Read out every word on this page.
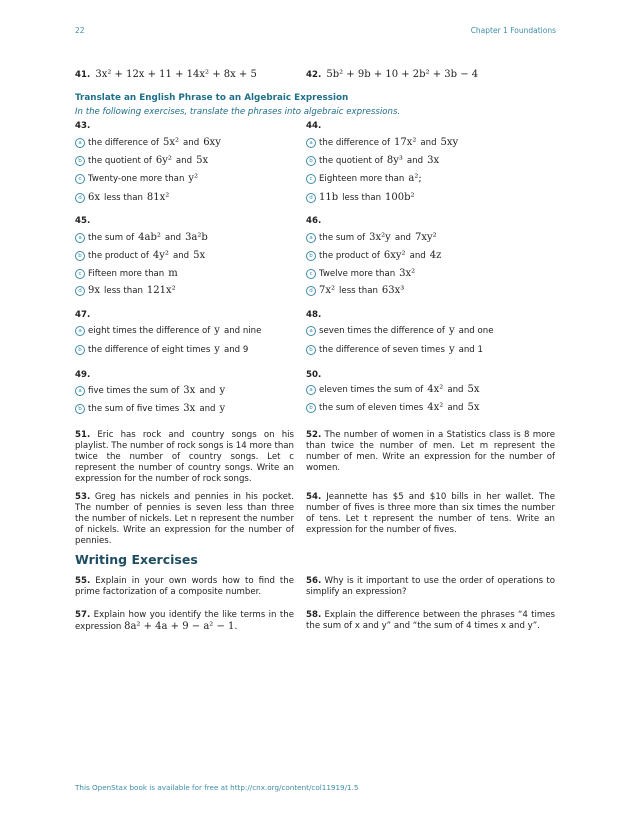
22	Chapter 1 Foundations
41. 3x² + 12x + 11 + 14x² + 8x + 5	42. 5b² + 9b + 10 + 2b² + 3b − 4
Translate an English Phrase to an Algebraic Expression
In the following exercises, translate the phrases into algebraic expressions.
43.
a the difference of 5x² and 6xy
b the quotient of 6y² and 5x
c Twenty-one more than y²
d 6x less than 81x²
44.
a the difference of 17x² and 5xy
b the quotient of 8y³ and 3x
c Eighteen more than a²;
d 11b less than 100b²
45.
a the sum of 4ab² and 3a²b
b the product of 4y² and 5x
c Fifteen more than m
d 9x less than 121x²
46.
a the sum of 3x²y and 7xy²
b the product of 6xy² and 4z
c Twelve more than 3x²
d 7x² less than 63x³
47.
a eight times the difference of y and nine
b the difference of eight times y and 9
48.
a seven times the difference of y and one
b the difference of seven times y and 1
49.
a five times the sum of 3x and y
b the sum of five times 3x and y
50.
a eleven times the sum of 4x² and 5x
b the sum of eleven times 4x² and 5x
51. Eric has rock and country songs on his playlist. The number of rock songs is 14 more than twice the number of country songs. Let c represent the number of country songs. Write an expression for the number of rock songs.
52. The number of women in a Statistics class is 8 more than twice the number of men. Let m represent the number of men. Write an expression for the number of women.
53. Greg has nickels and pennies in his pocket. The number of pennies is seven less than three the number of nickels. Let n represent the number of nickels. Write an expression for the number of pennies.
54. Jeannette has $5 and $10 bills in her wallet. The number of fives is three more than six times the number of tens. Let t represent the number of tens. Write an expression for the number of fives.
Writing Exercises
55. Explain in your own words how to find the prime factorization of a composite number.
56. Why is it important to use the order of operations to simplify an expression?
57. Explain how you identify the like terms in the expression 8a² + 4a + 9 − a² − 1.
58. Explain the difference between the phrases “4 times the sum of x and y” and “the sum of 4 times x and y”.
This OpenStax book is available for free at http://cnx.org/content/col11919/1.5
